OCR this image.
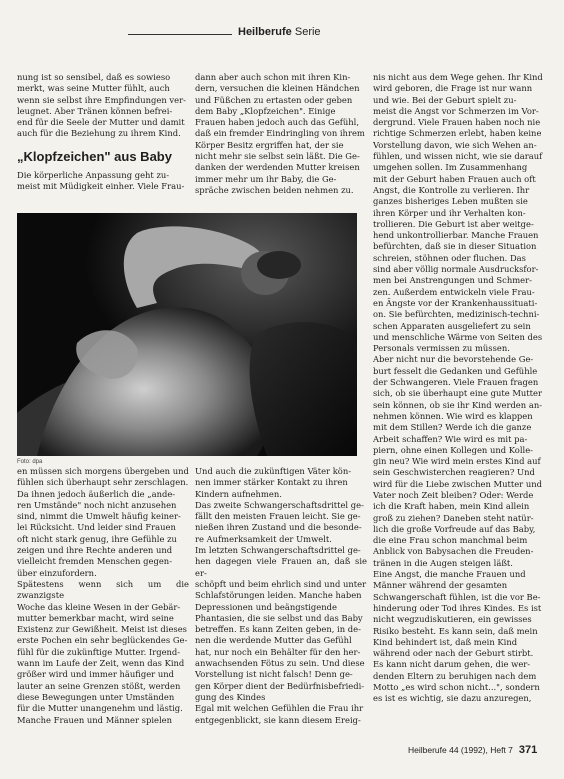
Heilberufe Serie

nung ist so sensibel, daß es sowieso

merkt, was seine Mutter fühlt, auch

wenn sie selbst ihre Empfindungen ver-

leugnet. Aber Tränen können befrei-

end für die Seele der Mutter und damit

auch für die Beziehung zu ihrem Kind.

„Klopfzeichen" aus Baby

Die körperliche Anpassung geht zu-

meist mit Müdigkeit einher. Viele Frau-

dann aber auch schon mit ihren Kin-

dern, versuchen die kleinen Händchen

und Füßchen zu ertasten oder geben

dem Baby „Klopfzeichen". Einige

Frauen haben jedoch auch das Gefühl,

daß ein fremder Eindringling von ihrem

Körper Besitz ergriffen hat, der sie

nicht mehr sie selbst sein läßt. Die Ge-

danken der werdenden Mutter kreisen

immer mehr um ihr Baby, die Ge-

spräche zwischen beiden nehmen zu.

Foto: dpa

en müssen sich morgens übergeben und

fühlen sich überhaupt sehr zerschlagen.

Da ihnen jedoch äußerlich die „ande-

ren Umstände" noch nicht anzusehen

sind, nimmt die Umwelt häufig keiner-

lei Rücksicht. Und leider sind Frauen

oft nicht stark genug, ihre Gefühle zu

zeigen und ihre Rechte anderen und

vielleicht fremden Menschen gegen-

über einzufordern.

Spätestens wenn sich um die zwanzigste

Woche das kleine Wesen in der Gebär-

mutter bemerkbar macht, wird seine

Existenz zur Gewißheit. Meist ist dieses

erste Pochen ein sehr beglückendes Ge-

fühl für die zukünftige Mutter. Irgend-

wann im Laufe der Zeit, wenn das Kind

größer wird und immer häufiger und

lauter an seine Grenzen stößt, werden

diese Bewegungen unter Umständen

für die Mutter unangenehm und lästig.

Manche Frauen und Männer spielen

Und auch die zukünftigen Väter kön-

nen immer stärker Kontakt zu ihren

Kindern aufnehmen.

Das zweite Schwangerschaftsdrittel ge-

fällt den meisten Frauen leicht. Sie ge-

nießen ihren Zustand und die besonde-

re Aufmerksamkeit der Umwelt.

Im letzten Schwangerschaftsdrittel ge-

hen dagegen viele Frauen an, daß sie er-

schöpft und beim ehrlich sind und unter

Schlafstörungen leiden. Manche haben

Depressionen und beängstigende

Phantasien, die sie selbst und das Baby

betreffen. Es kann Zeiten geben, in de-

nen die werdende Mutter das Gefühl

hat, nur noch ein Behälter für den her-

anwachsenden Fötus zu sein. Und diese

Vorstellung ist nicht falsch! Denn ge-

gen Körper dient der Bedürfnisbefriedi-

gung des Kindes

Egal mit welchen Gefühlen die Frau ihr

entgegenblickt, sie kann diesem Ereig-

nis nicht aus dem Wege gehen. Ihr Kind

wird geboren, die Frage ist nur wann

und wie. Bei der Geburt spielt zu-

meist die Angst vor Schmerzen im Vor-

dergrund. Viele Frauen haben noch nie

richtige Schmerzen erlebt, haben keine

Vorstellung davon, wie sich Wehen an-

fühlen, und wissen nicht, wie sie darauf

umgehen sollen. Im Zusammenhang

mit der Geburt haben Frauen auch oft

Angst, die Kontrolle zu verlieren. Ihr

ganzes bisheriges Leben mußten sie

ihren Körper und ihr Verhalten kon-

trollieren. Die Geburt ist aber weitge-

hend unkontrollierbar. Manche Frauen

befürchten, daß sie in dieser Situation

schreien, stöhnen oder fluchen. Das

sind aber völlig normale Ausdrucksfor-

men bei Anstrengungen und Schmer-

zen. Außerdem entwickeln viele Frau-

en Ängste vor der Krankenhaussituati-

on. Sie befürchten, medizinisch-techni-

schen Apparaten ausgeliefert zu sein

und menschliche Wärme von Seiten des

Personals vermissen zu müssen.

Aber nicht nur die bevorstehende Ge-

burt fesselt die Gedanken und Gefühle

der Schwangeren. Viele Frauen fragen

sich, ob sie überhaupt eine gute Mutter

sein können, ob sie ihr Kind werden an-

nehmen können. Wie wird es klappen

mit dem Stillen? Werde ich die ganze

Arbeit schaffen? Wie wird es mit pa-

piern, ohne einen Kollegen und Kolle-

gin neu? Wie wird mein erstes Kind auf

sein Geschwisterchen reagieren? Und

wird für die Liebe zwischen Mutter und

Vater noch Zeit bleiben? Oder: Werde

ich die Kraft haben, mein Kind allein

groß zu ziehen? Daneben steht natür-

lich die große Vorfreude auf das Baby,

die eine Frau schon manchmal beim

Anblick von Babysachen die Freuden-

tränen in die Augen steigen läßt.

Eine Angst, die manche Frauen und

Männer während der gesamten

Schwangerschaft fühlen, ist die vor Be-

hinderung oder Tod ihres Kindes. Es ist

nicht wegzudiskutieren, ein gewisses

Risiko besteht. Es kann sein, daß mein

Kind behindert ist, daß mein Kind

während oder nach der Geburt stirbt.

Es kann nicht darum gehen, die wer-

denden Eltern zu beruhigen nach dem

Motto „es wird schon nicht...", sondern

es ist es wichtig, sie dazu anzuregen,

Heilberufe 44 (1992), Heft 7 371
